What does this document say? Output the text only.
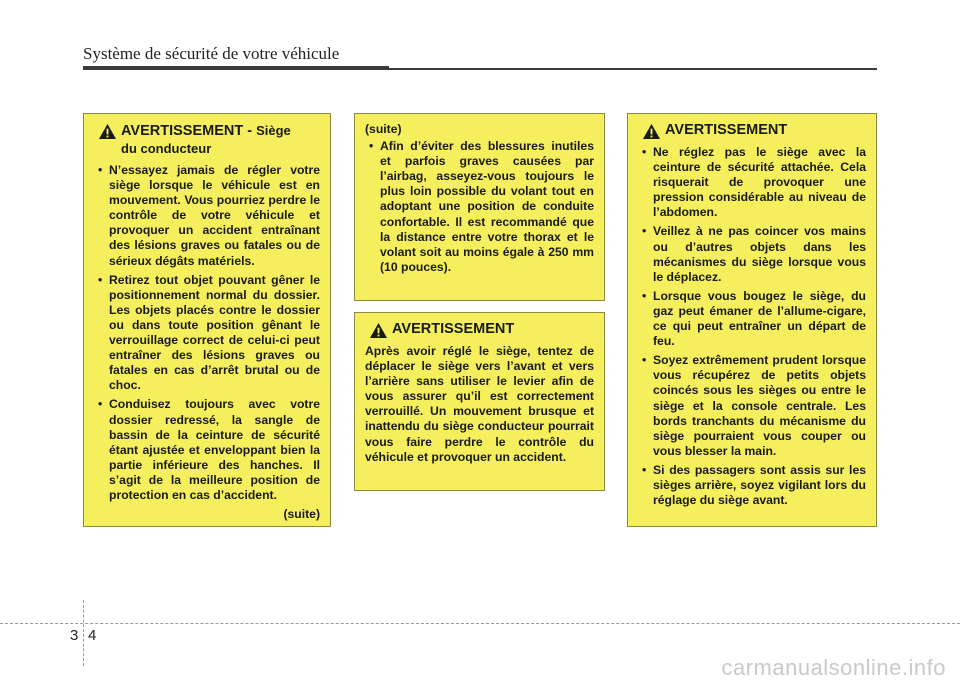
Système de sécurité de votre véhicule
AVERTISSEMENT - Siège
du conducteur
• N’essayez jamais de régler votre siège lorsque le véhicule est en mouvement. Vous pourriez perdre le contrôle de votre véhicule et provoquer un accident entraînant des lésions graves ou fatales ou de sérieux dégâts matériels.
• Retirez tout objet pouvant gêner le positionnement normal du dossier. Les objets placés contre le dossier ou dans toute position gênant le verrouillage correct de celui-ci peut entraîner des lésions graves ou fatales en cas d’arrêt brutal ou de choc.
• Conduisez toujours avec votre dossier redressé, la sangle de bassin de la ceinture de sécurité étant ajustée et enveloppant bien la partie inférieure des hanches. Il s’agit de la meilleure position de protection en cas d’accident.
(suite)
(suite)
• Afin d’éviter des blessures inutiles et parfois graves causées par l’airbag, asseyez-vous toujours le plus loin possible du volant tout en adoptant une position de conduite confortable. Il est recommandé que la distance entre votre thorax et le volant soit au moins égale à 250 mm (10 pouces).
AVERTISSEMENT
Après avoir réglé le siège, tentez de déplacer le siège vers l’avant et vers l’arrière sans utiliser le levier afin de vous assurer qu’il est correctement verrouillé. Un mouvement brusque et inattendu du siège conducteur pourrait vous faire perdre le contrôle du véhicule et provoquer un accident.
AVERTISSEMENT
• Ne réglez pas le siège avec la ceinture de sécurité attachée. Cela risquerait de provoquer une pression considérable au niveau de l’abdomen.
• Veillez à ne pas coincer vos mains ou d’autres objets dans les mécanismes du siège lorsque vous le déplacez.
• Lorsque vous bougez le siège, du gaz peut émaner de l’allume-cigare, ce qui peut entraîner un départ de feu.
• Soyez extrêmement prudent lorsque vous récupérez de petits objets coincés sous les sièges ou entre le siège et la console centrale. Les bords tranchants du mécanisme du siège pourraient vous couper ou vous blesser la main.
• Si des passagers sont assis sur les sièges arrière, soyez vigilant lors du réglage du siège avant.
3 4
carmanualsonline.info
